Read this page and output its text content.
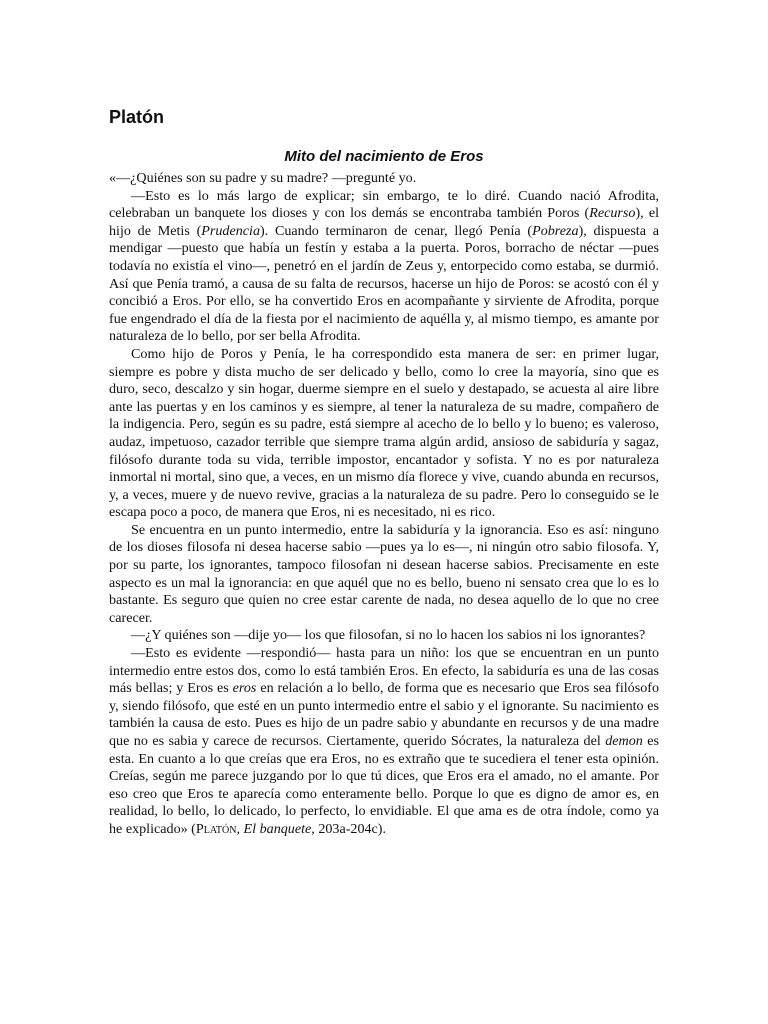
Platón
Mito del nacimiento de Eros

«—¿Quiénes son su padre y su madre? —pregunté yo.

—Esto es lo más largo de explicar; sin embargo, te lo diré. Cuando nació Afrodita, celebraban un banquete los dioses y con los demás se encontraba también Poros (Recurso), el hijo de Metis (Prudencia). Cuando terminaron de cenar, llegó Penía (Pobreza), dispuesta a mendigar —puesto que había un festín y estaba a la puerta. Poros, borracho de néctar —pues todavía no existía el vino—, penetró en el jardín de Zeus y, entorpecido como estaba, se durmió. Así que Penía tramó, a causa de su falta de recursos, hacerse un hijo de Poros: se acostó con él y concibió a Eros. Por ello, se ha convertido Eros en acompañante y sirviente de Afrodita, porque fue engendrado el día de la fiesta por el nacimiento de aquélla y, al mismo tiempo, es amante por naturaleza de lo bello, por ser bella Afrodita.

Como hijo de Poros y Penía, le ha correspondido esta manera de ser: en primer lugar, siempre es pobre y dista mucho de ser delicado y bello, como lo cree la mayoría, sino que es duro, seco, descalzo y sin hogar, duerme siempre en el suelo y destapado, se acuesta al aire libre ante las puertas y en los caminos y es siempre, al tener la naturaleza de su madre, compañero de la indigencia. Pero, según es su padre, está siempre al acecho de lo bello y lo bueno; es valeroso, audaz, impetuoso, cazador terrible que siempre trama algún ardid, ansioso de sabiduría y sagaz, filósofo durante toda su vida, terrible impostor, encantador y sofista. Y no es por naturaleza inmortal ni mortal, sino que, a veces, en un mismo día florece y vive, cuando abunda en recursos, y, a veces, muere y de nuevo revive, gracias a la naturaleza de su padre. Pero lo conseguido se le escapa poco a poco, de manera que Eros, ni es necesitado, ni es rico.

Se encuentra en un punto intermedio, entre la sabiduría y la ignorancia. Eso es así: ninguno de los dioses filosofa ni desea hacerse sabio —pues ya lo es—, ni ningún otro sabio filosofa. Y, por su parte, los ignorantes, tampoco filosofan ni desean hacerse sabios. Precisamente en este aspecto es un mal la ignorancia: en que aquél que no es bello, bueno ni sensato crea que lo es lo bastante. Es seguro que quien no cree estar carente de nada, no desea aquello de lo que no cree carecer.

—¿Y quiénes son —dije yo— los que filosofan, si no lo hacen los sabios ni los ignorantes?

—Esto es evidente —respondió— hasta para un niño: los que se encuentran en un punto intermedio entre estos dos, como lo está también Eros. En efecto, la sabiduría es una de las cosas más bellas; y Eros es eros en relación a lo bello, de forma que es necesario que Eros sea filósofo y, siendo filósofo, que esté en un punto intermedio entre el sabio y el ignorante. Su nacimiento es también la causa de esto. Pues es hijo de un padre sabio y abundante en recursos y de una madre que no es sabia y carece de recursos. Ciertamente, querido Sócrates, la naturaleza del demon es esta. En cuanto a lo que creías que era Eros, no es extraño que te sucediera el tener esta opinión. Creías, según me parece juzgando por lo que tú dices, que Eros era el amado, no el amante. Por eso creo que Eros te aparecía como enteramente bello. Porque lo que es digno de amor es, en realidad, lo bello, lo delicado, lo perfecto, lo envidiable. El que ama es de otra índole, como ya he explicado» (Platón, El banquete, 203a-204c).
